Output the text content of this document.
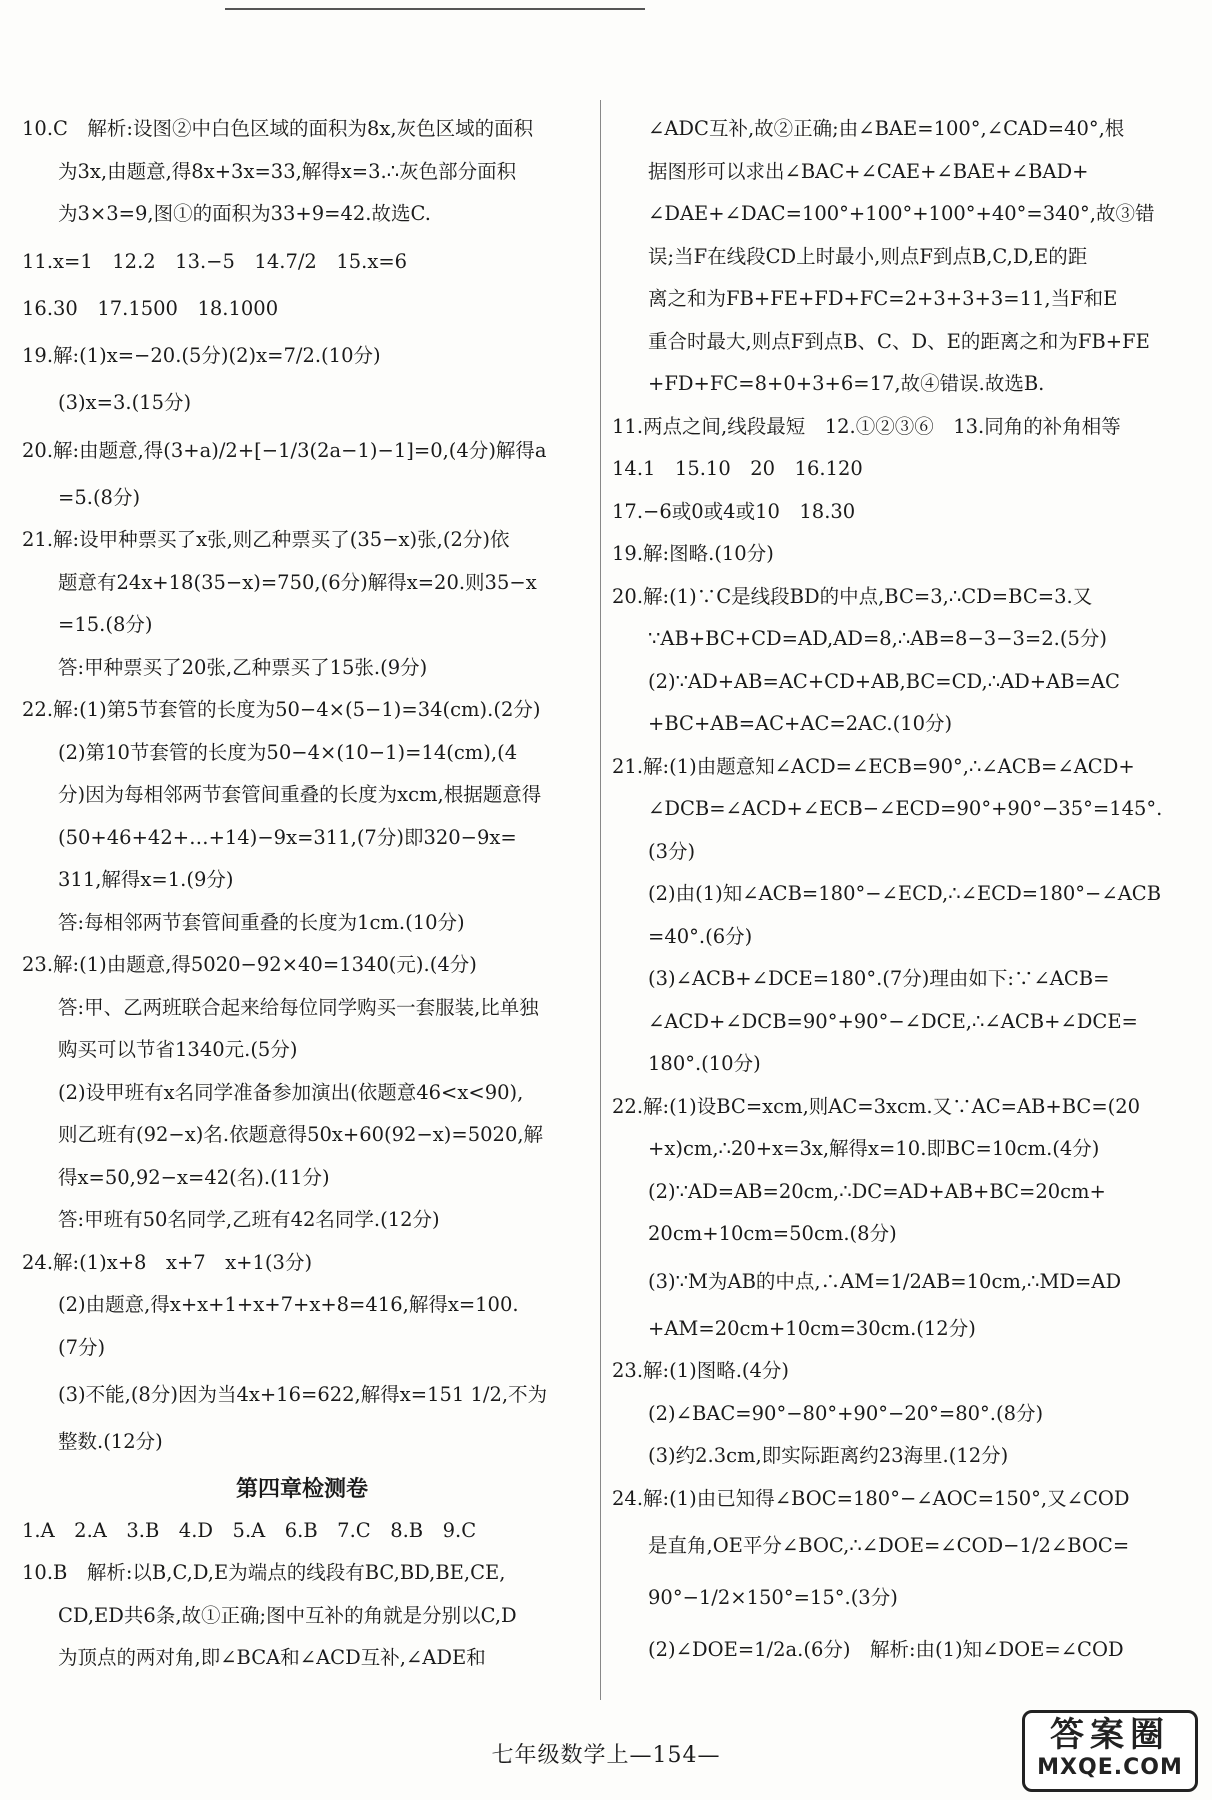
10.C　解析:设图②中白色区域的面积为8x,灰色区域的面积
为3x,由题意,得8x+3x=33,解得x=3.∴灰色部分面积
为3×3=9,图①的面积为33+9=42.故选C.
11.x=1　12.2　13.−5　14.7/2　15.x=6
16.30　17.1500　18.1000
19.解:(1)x=−20.(5分)(2)x=7/2.(10分)
(3)x=3.(15分)
20.解:由题意,得(3+a)/2+[−1/3(2a−1)−1]=0,(4分)解得a
=5.(8分)
21.解:设甲种票买了x张,则乙种票买了(35−x)张,(2分)依
题意有24x+18(35−x)=750,(6分)解得x=20.则35−x
=15.(8分)
答:甲种票买了20张,乙种票买了15张.(9分)
22.解:(1)第5节套管的长度为50−4×(5−1)=34(cm).(2分)
(2)第10节套管的长度为50−4×(10−1)=14(cm),(4
分)因为每相邻两节套管间重叠的长度为xcm,根据题意得
(50+46+42+…+14)−9x=311,(7分)即320−9x=
311,解得x=1.(9分)
答:每相邻两节套管间重叠的长度为1cm.(10分)
23.解:(1)由题意,得5020−92×40=1340(元).(4分)
答:甲、乙两班联合起来给每位同学购买一套服装,比单独
购买可以节省1340元.(5分)
(2)设甲班有x名同学准备参加演出(依题意46<x<90),
则乙班有(92−x)名.依题意得50x+60(92−x)=5020,解
得x=50,92−x=42(名).(11分)
答:甲班有50名同学,乙班有42名同学.(12分)
24.解:(1)x+8　x+7　x+1(3分)
(2)由题意,得x+x+1+x+7+x+8=416,解得x=100.
(7分)
(3)不能,(8分)因为当4x+16=622,解得x=151 1/2,不为
整数.(12分)
第四章检测卷
1.A　2.A　3.B　4.D　5.A　6.B　7.C　8.B　9.C
10.B　解析:以B,C,D,E为端点的线段有BC,BD,BE,CE,
CD,ED共6条,故①正确;图中互补的角就是分别以C,D
为顶点的两对角,即∠BCA和∠ACD互补,∠ADE和
∠ADC互补,故②正确;由∠BAE=100°,∠CAD=40°,根
据图形可以求出∠BAC+∠CAE+∠BAE+∠BAD+
∠DAE+∠DAC=100°+100°+100°+40°=340°,故③错
误;当F在线段CD上时最小,则点F到点B,C,D,E的距
离之和为FB+FE+FD+FC=2+3+3+3=11,当F和E
重合时最大,则点F到点B、C、D、E的距离之和为FB+FE
+FD+FC=8+0+3+6=17,故④错误.故选B.
11.两点之间,线段最短　12.①②③⑥　13.同角的补角相等
14.1　15.10　20　16.120
17.−6或0或4或10　18.30
19.解:图略.(10分)
20.解:(1)∵C是线段BD的中点,BC=3,∴CD=BC=3.又
∵AB+BC+CD=AD,AD=8,∴AB=8−3−3=2.(5分)
(2)∵AD+AB=AC+CD+AB,BC=CD,∴AD+AB=AC
+BC+AB=AC+AC=2AC.(10分)
21.解:(1)由题意知∠ACD=∠ECB=90°,∴∠ACB=∠ACD+
∠DCB=∠ACD+∠ECB−∠ECD=90°+90°−35°=145°.
(3分)
(2)由(1)知∠ACB=180°−∠ECD,∴∠ECD=180°−∠ACB
=40°.(6分)
(3)∠ACB+∠DCE=180°.(7分)理由如下:∵∠ACB=
∠ACD+∠DCB=90°+90°−∠DCE,∴∠ACB+∠DCE=
180°.(10分)
22.解:(1)设BC=xcm,则AC=3xcm.又∵AC=AB+BC=(20
+x)cm,∴20+x=3x,解得x=10.即BC=10cm.(4分)
(2)∵AD=AB=20cm,∴DC=AD+AB+BC=20cm+
20cm+10cm=50cm.(8分)
(3)∵M为AB的中点,∴AM=1/2AB=10cm,∴MD=AD
+AM=20cm+10cm=30cm.(12分)
23.解:(1)图略.(4分)
(2)∠BAC=90°−80°+90°−20°=80°.(8分)
(3)约2.3cm,即实际距离约23海里.(12分)
24.解:(1)由已知得∠BOC=180°−∠AOC=150°,又∠COD
是直角,OE平分∠BOC,∴∠DOE=∠COD−1/2∠BOC=
90°−1/2×150°=15°.(3分)
(2)∠DOE=1/2a.(6分)　解析:由(1)知∠DOE=∠COD
七年级数学上—154—
答案圈
MXQE.COM
